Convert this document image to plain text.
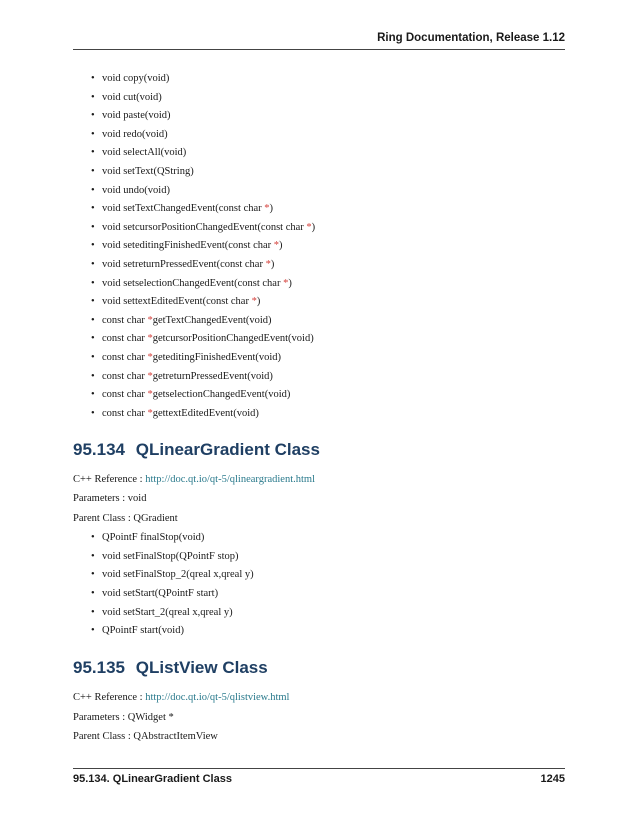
Ring Documentation, Release 1.12
• void copy(void)
• void cut(void)
• void paste(void)
• void redo(void)
• void selectAll(void)
• void setText(QString)
• void undo(void)
• void setTextChangedEvent(const char *)
• void setcursorPositionChangedEvent(const char *)
• void seteditingFinishedEvent(const char *)
• void setreturnPressedEvent(const char *)
• void setselectionChangedEvent(const char *)
• void settextEditedEvent(const char *)
• const char *getTextChangedEvent(void)
• const char *getcursorPositionChangedEvent(void)
• const char *geteditingFinishedEvent(void)
• const char *getreturnPressedEvent(void)
• const char *getselectionChangedEvent(void)
• const char *gettextEditedEvent(void)
95.134 QLinearGradient Class

C++ Reference : http://doc.qt.io/qt-5/qlineargradient.html

Parameters : void

Parent Class : QGradient

• QPointF finalStop(void)
• void setFinalStop(QPointF stop)
• void setFinalStop_2(qreal x,qreal y)
• void setStart(QPointF start)
• void setStart_2(qreal x,qreal y)
• QPointF start(void)
95.135 QListView Class

C++ Reference : http://doc.qt.io/qt-5/qlistview.html

Parameters : QWidget *

Parent Class : QAbstractItemView

95.134. QLinearGradient Class	1245
